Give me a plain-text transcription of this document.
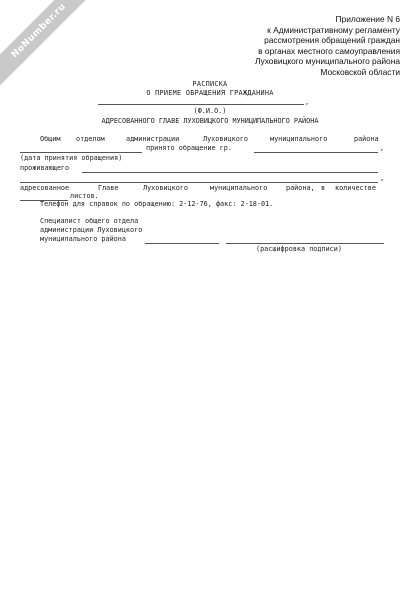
NoNumber.ru	Приложение N 6
к Административному регламенту
рассмотрения обращений граждан
в органах местного самоуправления
Луховицкого муниципального района
Московской области
РАСПИСКА
О ПРИЕМЕ ОБРАЩЕНИЯ ГРАЖДАНИНА
,
(Ф.И.О.)
АДРЕСОВАННОГО ГЛАВЕ ЛУХОВИЦКОГО МУНИЦИПАЛЬНОГО РАЙОНА
Общим отделом	администрации	Луховицкого	муниципального	района
принято обращение гр.	,
(дата принятия обращения)
проживающего
,
адресованное	Главе	Луховицкого	муниципального	района, в количестве
листов.
Телефон для справок по обращению: 2-12-76, факс: 2-18-01.
Специалист общего отдела
администрации Луховицкого
муниципального района
(расшифровка подписи)
